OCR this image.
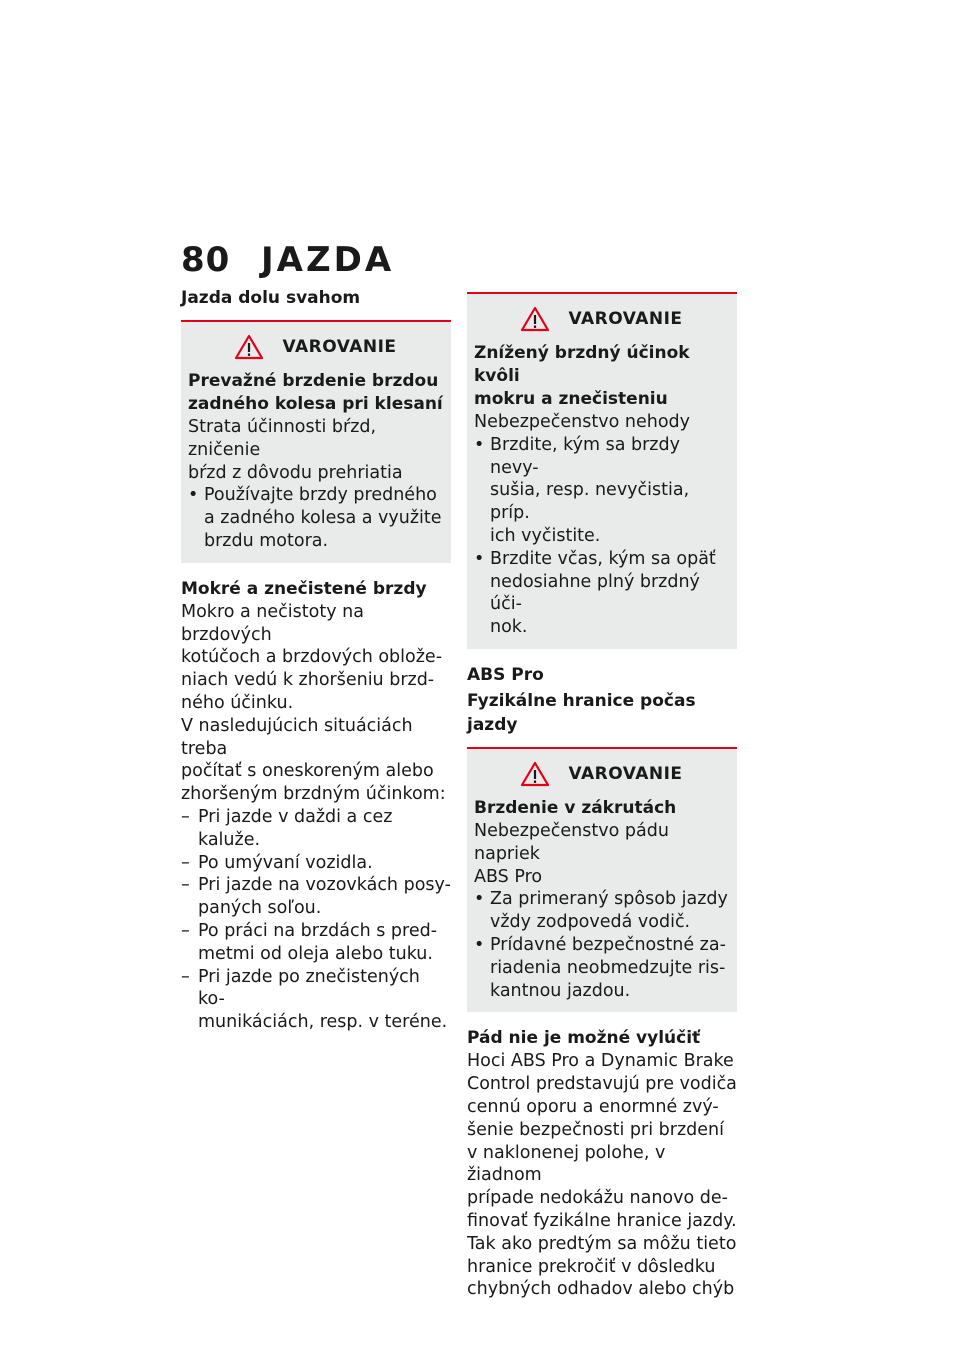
80 JAZDA
Jazda dolu svahom
VAROVANIE
Prevažné brzdenie brzdou
zadného kolesa pri klesaní
Strata účinnosti bŕzd, zničenie
bŕzd z dôvodu prehriatia
• Používajte brzdy predného
a zadného kolesa a využite
brzdu motora.
Mokré a znečistené brzdy
Mokro a nečistoty na brzdových
kotúčoch a brzdových oblože-
niach vedú k zhoršeniu brzd-
ného účinku.
V nasledujúcich situáciách treba
počítať s oneskoreným alebo
zhoršeným brzdným účinkom:
– Pri jazde v daždi a cez kaluže.
– Po umývaní vozidla.
– Pri jazde na vozovkách posy-
paných soľou.
– Po práci na brzdách s pred-
metmi od oleja alebo tuku.
– Pri jazde po znečistených ko-
munikáciách, resp. v teréne.
VAROVANIE
Znížený brzdný účinok kvôli
mokru a znečisteniu
Nebezpečenstvo nehody
• Brzdite, kým sa brzdy nevy-
sušia, resp. nevyčistia, príp.
ich vyčistite.
• Brzdite včas, kým sa opäť
nedosiahne plný brzdný úči-
nok.
ABS Pro
Fyzikálne hranice počas jazdy
VAROVANIE
Brzdenie v zákrutách
Nebezpečenstvo pádu napriek
ABS Pro
• Za primeraný spôsob jazdy
vždy zodpovedá vodič.
• Prídavné bezpečnostné za-
riadenia neobmedzujte ris-
kantnou jazdou.
Pád nie je možné vylúčiť
Hoci ABS Pro a Dynamic Brake
Control predstavujú pre vodiča
cennú oporu a enormné zvý-
šenie bezpečnosti pri brzdení
v naklonenej polohe, v žiadnom
prípade nedokážu nanovo de-
finovať fyzikálne hranice jazdy.
Tak ako predtým sa môžu tieto
hranice prekročiť v dôsledku
chybných odhadov alebo chýb
